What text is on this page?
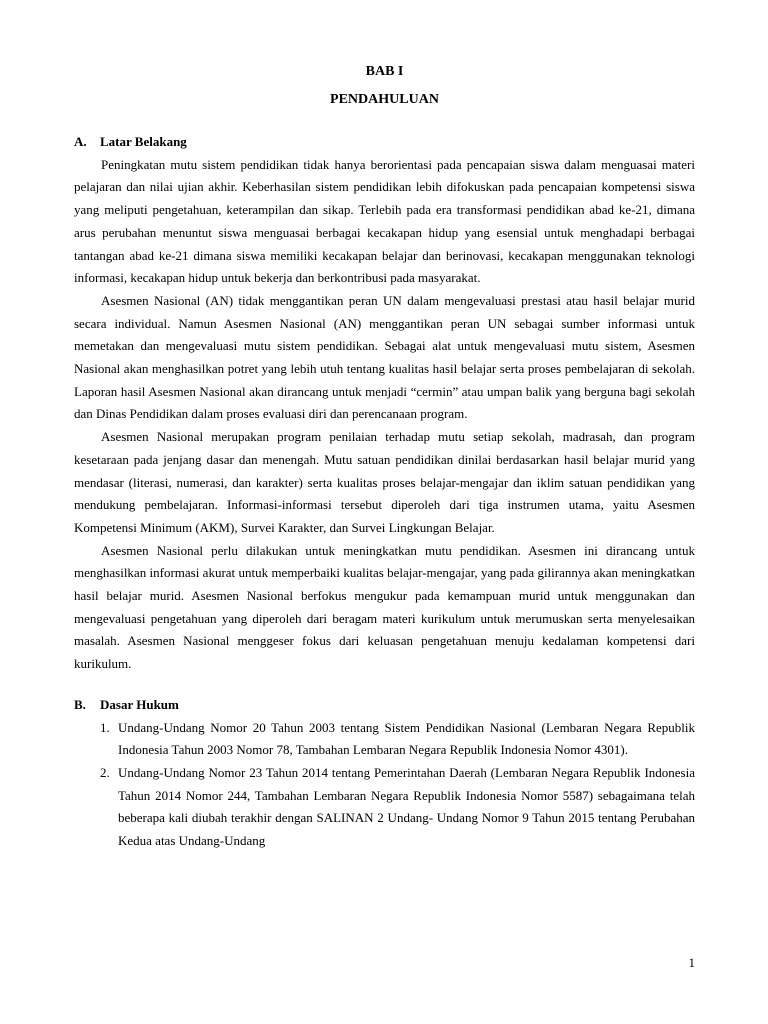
BAB I
PENDAHULUAN
A.	Latar Belakang

Peningkatan mutu sistem pendidikan tidak hanya berorientasi pada pencapaian siswa dalam menguasai materi pelajaran dan nilai ujian akhir. Keberhasilan sistem pendidikan lebih difokuskan pada pencapaian kompetensi siswa yang meliputi pengetahuan, keterampilan dan sikap. Terlebih pada era transformasi pendidikan abad ke-21, dimana arus perubahan menuntut siswa menguasai berbagai kecakapan hidup yang esensial untuk menghadapi berbagai tantangan abad ke-21 dimana siswa memiliki kecakapan belajar dan berinovasi, kecakapan menggunakan teknologi informasi, kecakapan hidup untuk bekerja dan berkontribusi pada masyarakat.

Asesmen Nasional (AN) tidak menggantikan peran UN dalam mengevaluasi prestasi atau hasil belajar murid secara individual. Namun Asesmen Nasional (AN) menggantikan peran UN sebagai sumber informasi untuk memetakan dan mengevaluasi mutu sistem pendidikan. Sebagai alat untuk mengevaluasi mutu sistem, Asesmen Nasional akan menghasilkan potret yang lebih utuh tentang kualitas hasil belajar serta proses pembelajaran di sekolah. Laporan hasil Asesmen Nasional akan dirancang untuk menjadi “cermin” atau umpan balik yang berguna bagi sekolah dan Dinas Pendidikan dalam proses evaluasi diri dan perencanaan program.

Asesmen Nasional merupakan program penilaian terhadap mutu setiap sekolah, madrasah, dan program kesetaraan pada jenjang dasar dan menengah. Mutu satuan pendidikan dinilai berdasarkan hasil belajar murid yang mendasar (literasi, numerasi, dan karakter) serta kualitas proses belajar-mengajar dan iklim satuan pendidikan yang mendukung pembelajaran. Informasi-informasi tersebut diperoleh dari tiga instrumen utama, yaitu Asesmen Kompetensi Minimum (AKM), Survei Karakter, dan Survei Lingkungan Belajar.

Asesmen Nasional perlu dilakukan untuk meningkatkan mutu pendidikan. Asesmen ini dirancang untuk menghasilkan informasi akurat untuk memperbaiki kualitas belajar-mengajar, yang pada gilirannya akan meningkatkan hasil belajar murid. Asesmen Nasional berfokus mengukur pada kemampuan murid untuk menggunakan dan mengevaluasi pengetahuan yang diperoleh dari beragam materi kurikulum untuk merumuskan serta menyelesaikan masalah. Asesmen Nasional menggeser fokus dari keluasan pengetahuan menuju kedalaman kompetensi dari kurikulum.

B.	Dasar Hukum
1. Undang-Undang Nomor 20 Tahun 2003 tentang Sistem Pendidikan Nasional (Lembaran Negara Republik Indonesia Tahun 2003 Nomor 78, Tambahan Lembaran Negara Republik Indonesia Nomor 4301).
2. Undang-Undang Nomor 23 Tahun 2014 tentang Pemerintahan Daerah (Lembaran Negara Republik Indonesia Tahun 2014 Nomor 244, Tambahan Lembaran Negara Republik Indonesia Nomor 5587) sebagaimana telah beberapa kali diubah terakhir dengan SALINAN 2 Undang- Undang Nomor 9 Tahun 2015 tentang Perubahan Kedua atas Undang-Undang
1
